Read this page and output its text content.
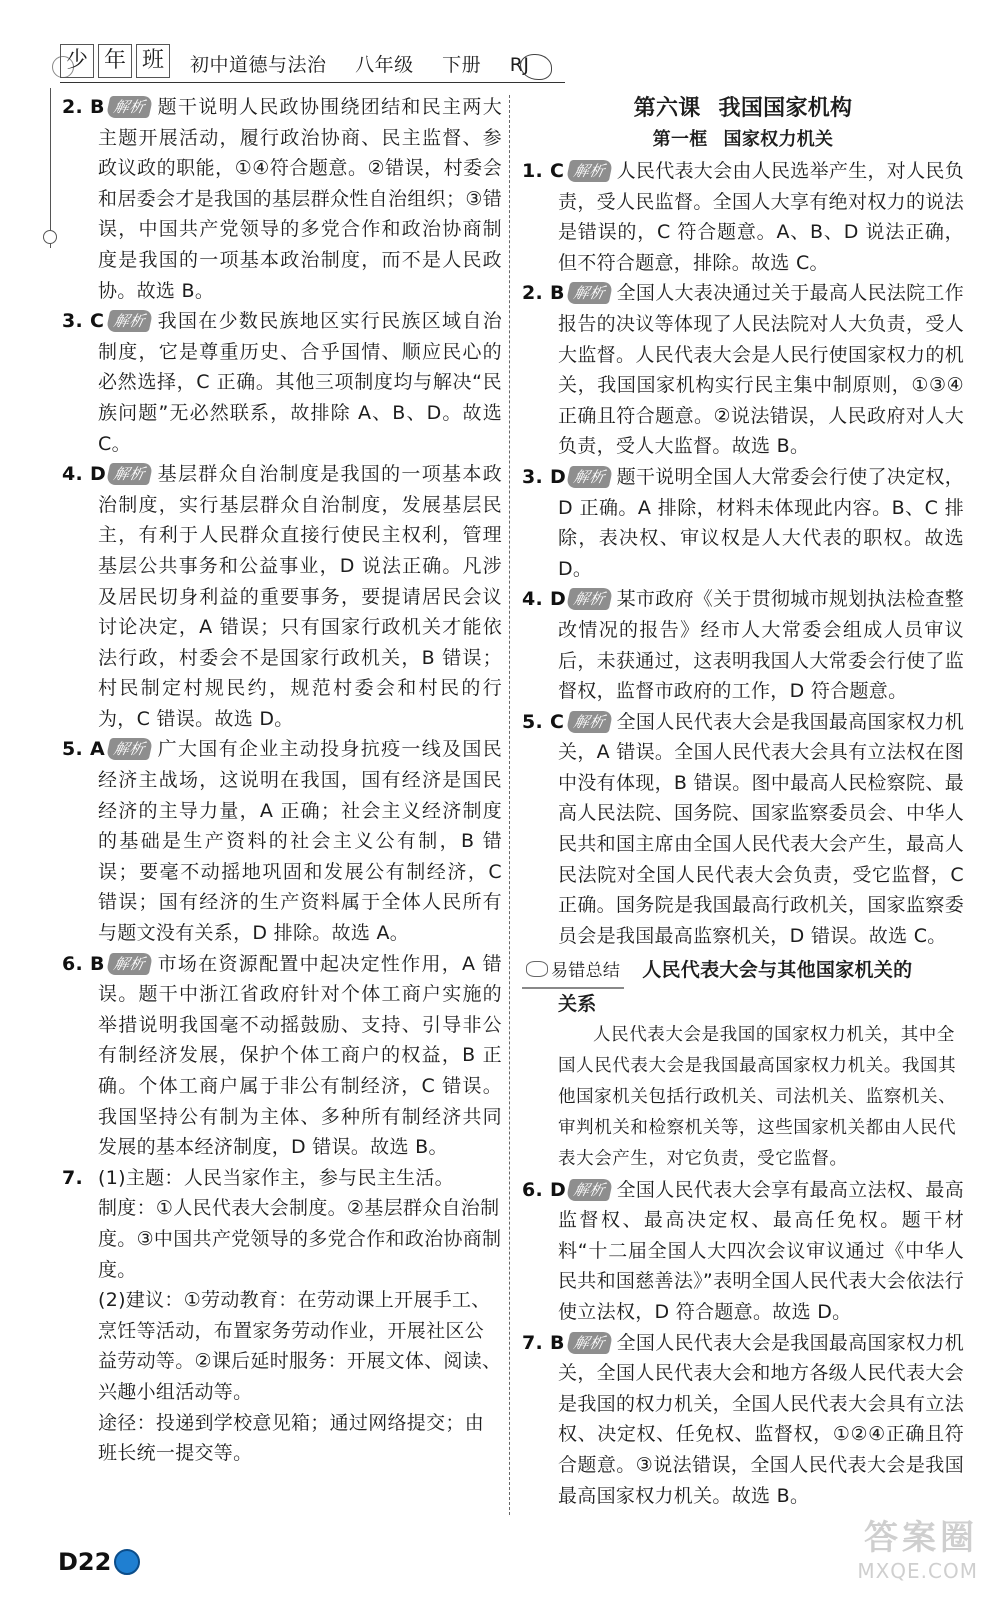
少 年 班	初中道德与法治 八年级 下册 RJ
2. B 解析 题干说明人民政协围绕团结和民主两大主题开展活动，履行政治协商、民主监督、参政议政的职能，①④符合题意。②错误，村委会和居委会才是我国的基层群众性自治组织；③错误，中国共产党领导的多党合作和政治协商制度是我国的一项基本政治制度，而不是人民政协。故选 B。
3. C 解析 我国在少数民族地区实行民族区域自治制度，它是尊重历史、合乎国情、顺应民心的必然选择，C 正确。其他三项制度均与解决“民族问题”无必然联系，故排除 A、B、D。故选 C。
4. D 解析 基层群众自治制度是我国的一项基本政治制度，实行基层群众自治制度，发展基层民主，有利于人民群众直接行使民主权利，管理基层公共事务和公益事业，D 说法正确。凡涉及居民切身利益的重要事务，要提请居民会议讨论决定，A 错误；只有国家行政机关才能依法行政，村委会不是国家行政机关，B 错误；村民制定村规民约，规范村委会和村民的行为，C 错误。故选 D。
5. A 解析 广大国有企业主动投身抗疫一线及国民经济主战场，这说明在我国，国有经济是国民经济的主导力量，A 正确；社会主义经济制度的基础是生产资料的社会主义公有制，B 错误；要毫不动摇地巩固和发展公有制经济，C 错误；国有经济的生产资料属于全体人民所有与题文没有关系，D 排除。故选 A。
6. B 解析 市场在资源配置中起决定性作用，A 错误。题干中浙江省政府针对个体工商户实施的举措说明我国毫不动摇鼓励、支持、引导非公有制经济发展，保护个体工商户的权益，B 正确。个体工商户属于非公有制经济，C 错误。我国坚持公有制为主体、多种所有制经济共同发展的基本经济制度，D 错误。故选 B。
7. (1)主题：人民当家作主，参与民主生活。
制度：①人民代表大会制度。②基层群众自治制度。③中国共产党领导的多党合作和政治协商制度。
(2)建议：①劳动教育：在劳动课上开展手工、烹饪等活动，布置家务劳动作业，开展社区公益劳动等。②课后延时服务：开展文体、阅读、兴趣小组活动等。
途径：投递到学校意见箱；通过网络提交；由班长统一提交等。
第六课 我国国家机构
第一框 国家权力机关
1. C 解析 人民代表大会由人民选举产生，对人民负责，受人民监督。全国人大享有绝对权力的说法是错误的，C 符合题意。A、B、D 说法正确，但不符合题意，排除。故选 C。
2. B 解析 全国人大表决通过关于最高人民法院工作报告的决议等体现了人民法院对人大负责，受人大监督。人民代表大会是人民行使国家权力的机关，我国国家机构实行民主集中制原则，①③④正确且符合题意。②说法错误，人民政府对人大负责，受人大监督。故选 B。
3. D 解析 题干说明全国人大常委会行使了决定权，D 正确。A 排除，材料未体现此内容。B、C 排除，表决权、审议权是人大代表的职权。故选 D。
4. D 解析 某市政府《关于贯彻城市规划执法检查整改情况的报告》经市人大常委会组成人员审议后，未获通过，这表明我国人大常委会行使了监督权，监督市政府的工作，D 符合题意。
5. C 解析 全国人民代表大会是我国最高国家权力机关，A 错误。全国人民代表大会具有立法权在图中没有体现，B 错误。图中最高人民检察院、最高人民法院、国务院、国家监察委员会、中华人民共和国主席由全国人民代表大会产生，最高人民法院对全国人民代表大会负责，受它监督，C 正确。国务院是我国最高行政机关，国家监察委员会是我国最高监察机关，D 错误。故选 C。
易错总结 人民代表大会与其他国家机关的
关系
人民代表大会是我国的国家权力机关，其中全国人民代表大会是我国最高国家权力机关。我国其他国家机关包括行政机关、司法机关、监察机关、审判机关和检察机关等，这些国家机关都由人民代表大会产生，对它负责，受它监督。
6. D 解析 全国人民代表大会享有最高立法权、最高监督权、最高决定权、最高任免权。题干材料“十二届全国人大四次会议审议通过《中华人民共和国慈善法》”表明全国人民代表大会依法行使立法权，D 符合题意。故选 D。
7. B 解析 全国人民代表大会是我国最高国家权力机关，全国人民代表大会和地方各级人民代表大会是我国的权力机关，全国人民代表大会具有立法权、决定权、任免权、监督权，①②④正确且符合题意。③说法错误，全国人民代表大会是我国最高国家权力机关。故选 B。
D22
答案圈
MXQE.COM
